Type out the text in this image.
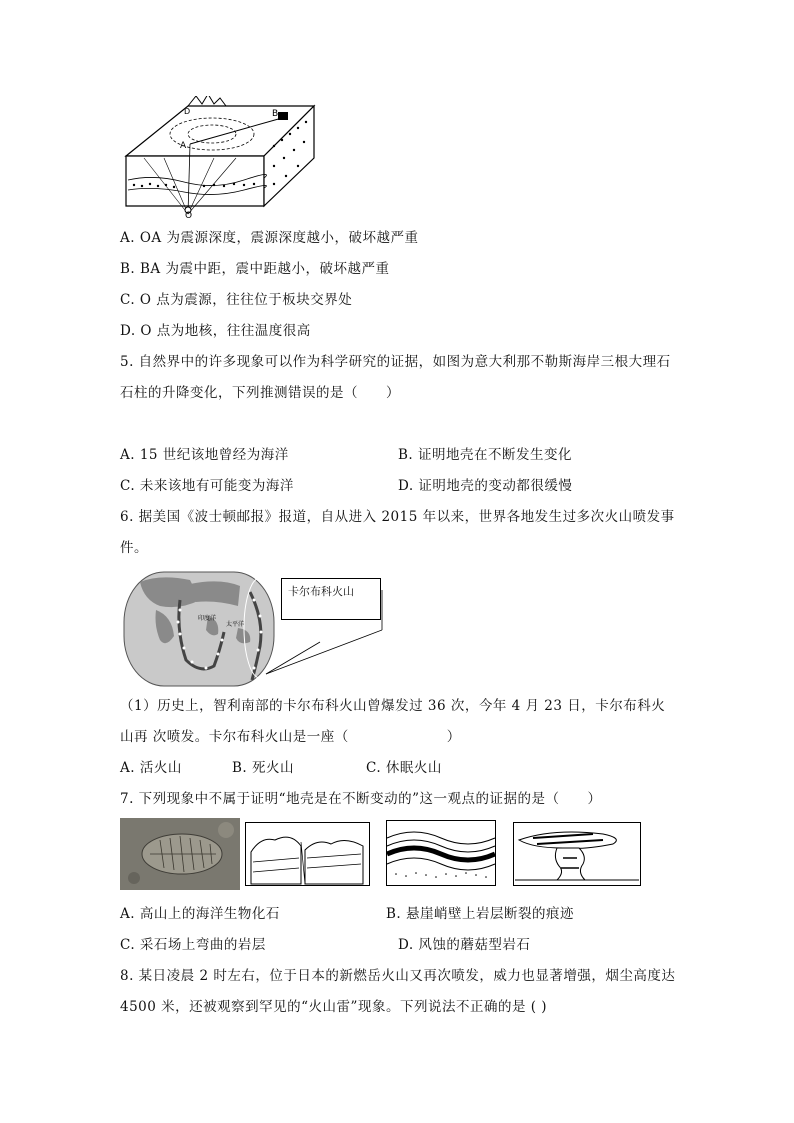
B
A
D
O
A. OA 为震源深度，震源深度越小，破坏越严重
B. BA 为震中距，震中距越小，破坏越严重
C. O 点为震源，往往位于板块交界处
D. O 点为地核，往往温度很高
5. 自然界中的许多现象可以作为科学研究的证据，如图为意大利那不勒斯海岸三根大理石
石柱的升降变化，下列推测错误的是（　　）
A. 15 世纪该地曾经为海洋	B. 证明地壳在不断发生变化
C. 未来该地有可能变为海洋	D. 证明地壳的变动都很缓慢
6. 据美国《波士顿邮报》报道，自从进入 2015 年以来，世界各地发生过多次火山喷发事
件。
印度洋
太平洋
卡尔布科火山
（1）历史上，智利南部的卡尔布科火山曾爆发过 36 次，今年 4 月 23 日，卡尔布科火
山再 次喷发。卡尔布科火山是一座（　　　　　　　）
A. 活火山	B. 死火山	C. 休眠火山
7. 下列现象中不属于证明“地壳是在不断变动的”这一观点的证据的是（　　）
A. 高山上的海洋生物化石	B. 悬崖峭壁上岩层断裂的痕迹
C. 采石场上弯曲的岩层	D. 风蚀的蘑菇型岩石
8. 某日凌晨 2 时左右，位于日本的新燃岳火山又再次喷发，威力也显著增强，烟尘高度达
4500 米，还被观察到罕见的“火山雷”现象。下列说法不正确的是 ( )
